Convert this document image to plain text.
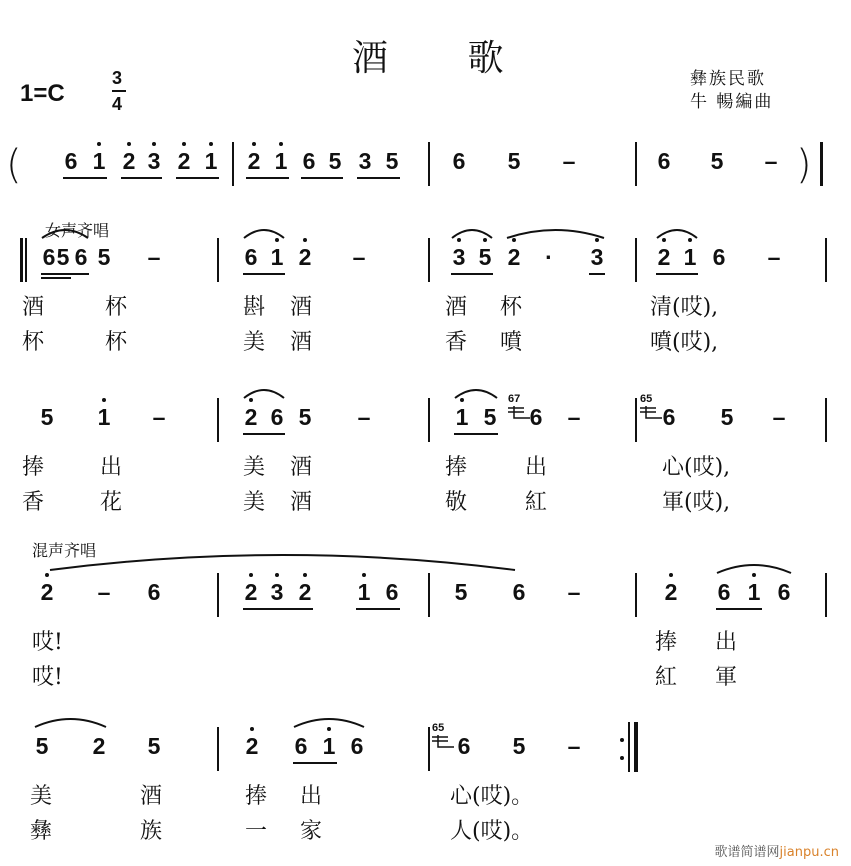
酒 歌
1=C
3
4
彝族民歌
牛 暢編曲
女声齐唱
混声齐唱
(	)
歌谱简谱网jianpu.cn
6 1 2 3 2 1 2 1 6 5 3 5 6 5 –	6 5 –
6 5 6 5 –	6 1 2 –	3 5 2 · 3 2 1 6 –
酒	杯	斟 酒	酒 杯	清(哎),
杯	杯	美 酒	香 噴	噴(哎),
5 1 –	2 6 5 –	1 5 6 –
67
6 5 –
65
捧	出	美 酒	捧	出	心(哎),
香	花	美 酒	敬	紅	軍(哎),
2 – 6	2 3 2 1 6 5 6 –	2 6 1 6
哎!	捧 出
哎!	紅 軍
5 2 5	2 6 1 6	6 5 –
65
美	酒	捧 出	心(哎)。
彝	族	一 家	人(哎)。
